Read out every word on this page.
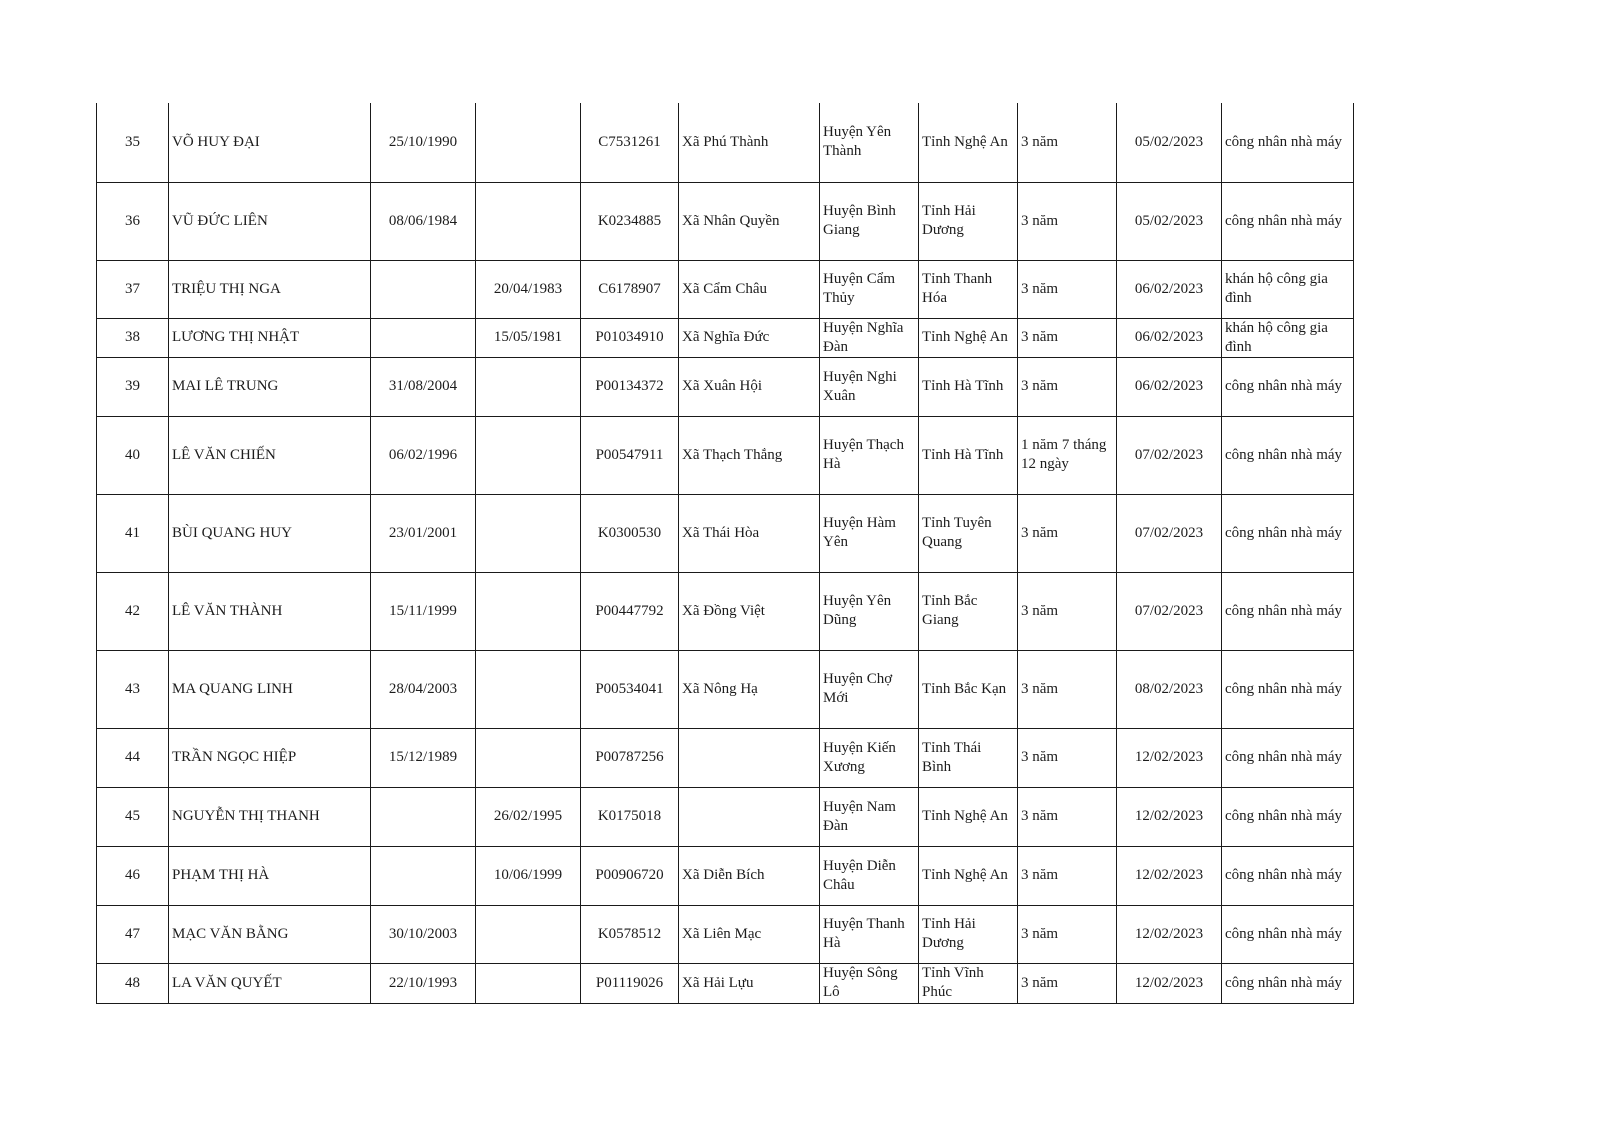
35	VÕ HUY ĐẠI	25/10/1990		C7531261	Xã Phú Thành	Huyện Yên Thành	Tỉnh Nghệ An	3 năm	05/02/2023	công nhân nhà máy
36	VŨ ĐỨC LIÊN	08/06/1984		K0234885	Xã Nhân Quyền	Huyện Bình Giang	Tỉnh Hải Dương	3 năm	05/02/2023	công nhân nhà máy
37	TRIỆU THỊ NGA		20/04/1983	C6178907	Xã Cẩm Châu	Huyện Cẩm Thủy	Tỉnh Thanh Hóa	3 năm	06/02/2023	khán hộ công gia đình
38	LƯƠNG THỊ NHẬT		15/05/1981	P01034910	Xã Nghĩa Đức	Huyện Nghĩa Đàn	Tỉnh Nghệ An	3 năm	06/02/2023	khán hộ công gia đình
39	MAI LÊ TRUNG	31/08/2004		P00134372	Xã Xuân Hội	Huyện Nghi Xuân	Tỉnh Hà Tĩnh	3 năm	06/02/2023	công nhân nhà máy
40	LÊ VĂN CHIẾN	06/02/1996		P00547911	Xã Thạch Thắng	Huyện Thạch Hà	Tỉnh Hà Tĩnh	1 năm 7 tháng 12 ngày	07/02/2023	công nhân nhà máy
41	BÙI QUANG HUY	23/01/2001		K0300530	Xã Thái Hòa	Huyện Hàm Yên	Tỉnh Tuyên Quang	3 năm	07/02/2023	công nhân nhà máy
42	LÊ VĂN THÀNH	15/11/1999		P00447792	Xã Đồng Việt	Huyện Yên Dũng	Tỉnh Bắc Giang	3 năm	07/02/2023	công nhân nhà máy
43	MA QUANG LINH	28/04/2003		P00534041	Xã Nông Hạ	Huyện Chợ Mới	Tỉnh Bắc Kạn	3 năm	08/02/2023	công nhân nhà máy
44	TRẦN NGỌC HIỆP	15/12/1989		P00787256		Huyện Kiến Xương	Tỉnh Thái Bình	3 năm	12/02/2023	công nhân nhà máy
45	NGUYỄN THỊ THANH		26/02/1995	K0175018		Huyện Nam Đàn	Tỉnh Nghệ An	3 năm	12/02/2023	công nhân nhà máy
46	PHẠM THỊ HÀ		10/06/1999	P00906720	Xã Diễn Bích	Huyện Diễn Châu	Tỉnh Nghệ An	3 năm	12/02/2023	công nhân nhà máy
47	MẠC VĂN BẰNG	30/10/2003		K0578512	Xã Liên Mạc	Huyện Thanh Hà	Tỉnh Hải Dương	3 năm	12/02/2023	công nhân nhà máy
48	LA VĂN QUYẾT	22/10/1993		P01119026	Xã Hải Lựu	Huyện Sông Lô	Tỉnh Vĩnh Phúc	3 năm	12/02/2023	công nhân nhà máy
